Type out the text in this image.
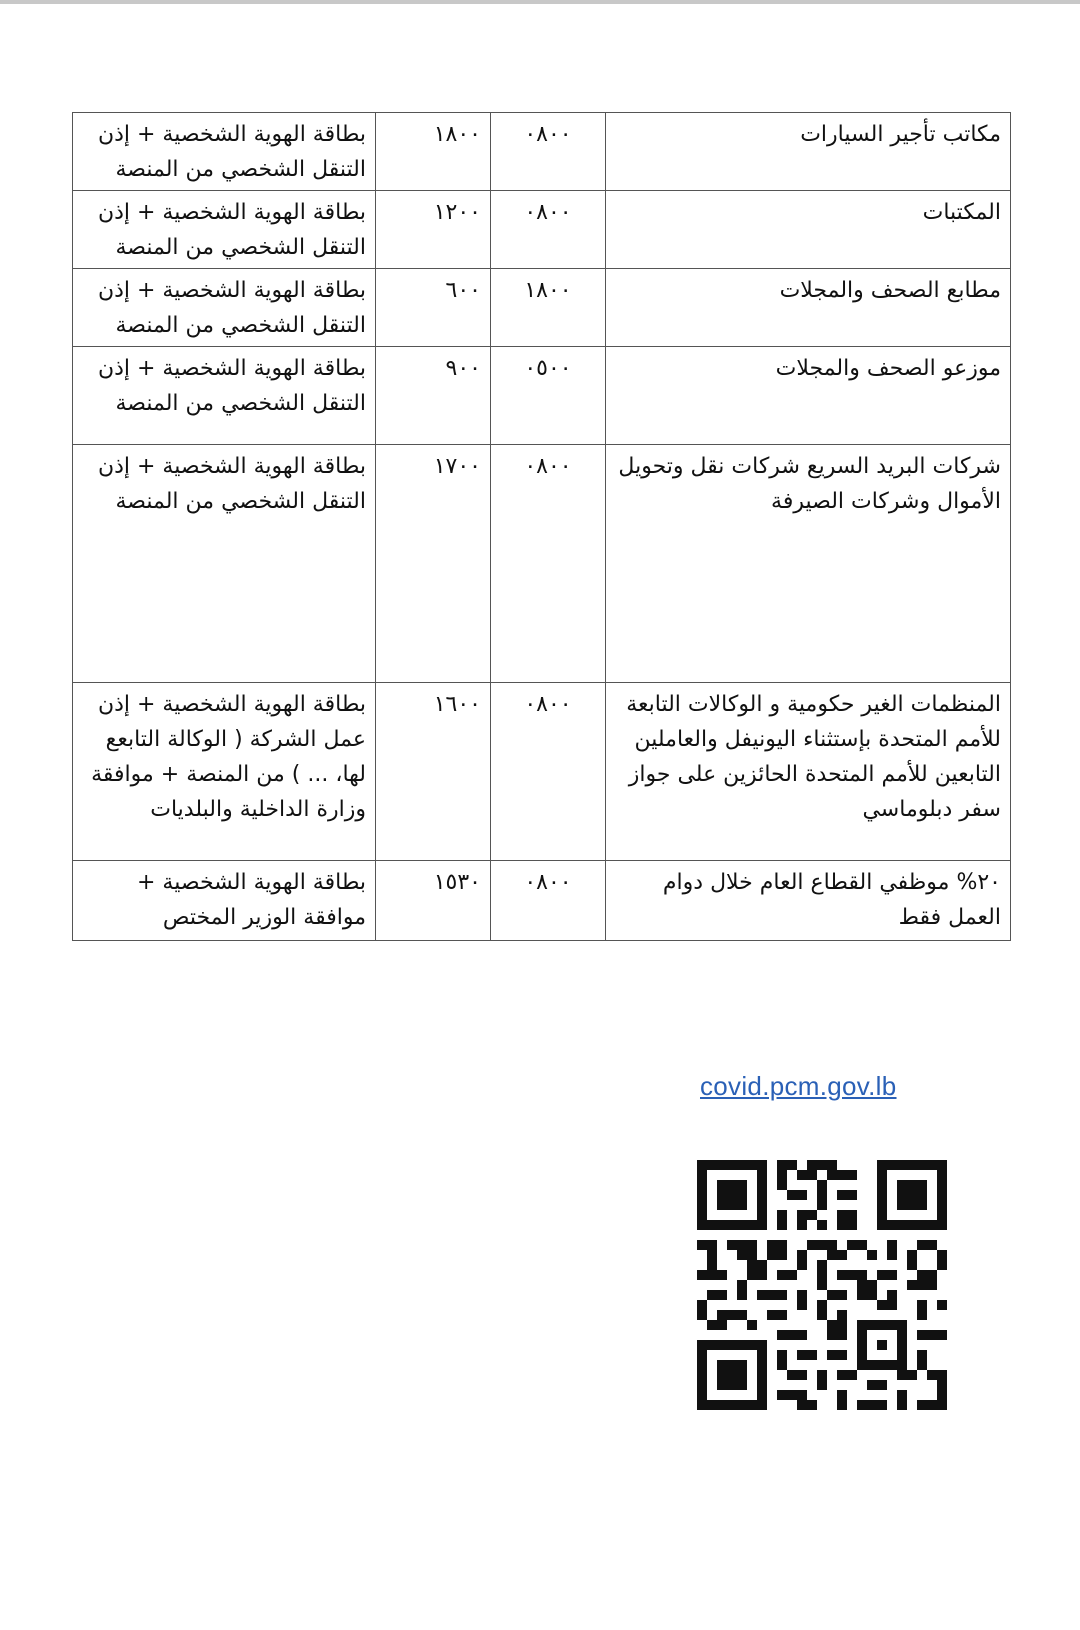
بطاقة الهوية الشخصية + إذن التنقل الشخصي من المنصة	١٨٠٠	٠٨٠٠	مكاتب تأجير السيارات
بطاقة الهوية الشخصية + إذن التنقل الشخصي من المنصة	١٢٠٠	٠٨٠٠	المكتبات
بطاقة الهوية الشخصية + إذن التنقل الشخصي من المنصة	٦٠٠	١٨٠٠	مطابع الصحف والمجلات
بطاقة الهوية الشخصية + إذن التنقل الشخصي من المنصة	٩٠٠	٠٥٠٠	موزعو الصحف والمجلات
بطاقة الهوية الشخصية + إذن التنقل الشخصي من المنصة	١٧٠٠	٠٨٠٠	شركات البريد السريع شركات نقل وتحويل الأموال وشركات الصيرفة
بطاقة الهوية الشخصية + إذن عمل الشركة ( الوكالة التابعع لها، ... ) من المنصة + موافقة وزارة الداخلية والبلديات	١٦٠٠	٠٨٠٠	المنظمات الغير حكومية و الوكالات التابعة للأمم المتحدة بإستثناء اليونيفل والعاملين التابعين للأمم المتحدة الحائزين على جواز سفر دبلوماسي
بطاقة الهوية الشخصية + موافقة الوزير المختص	١٥٣٠	٠٨٠٠	٢٠% موظفي القطاع العام خلال دوام العمل فقط
covid.pcm.gov.lb
